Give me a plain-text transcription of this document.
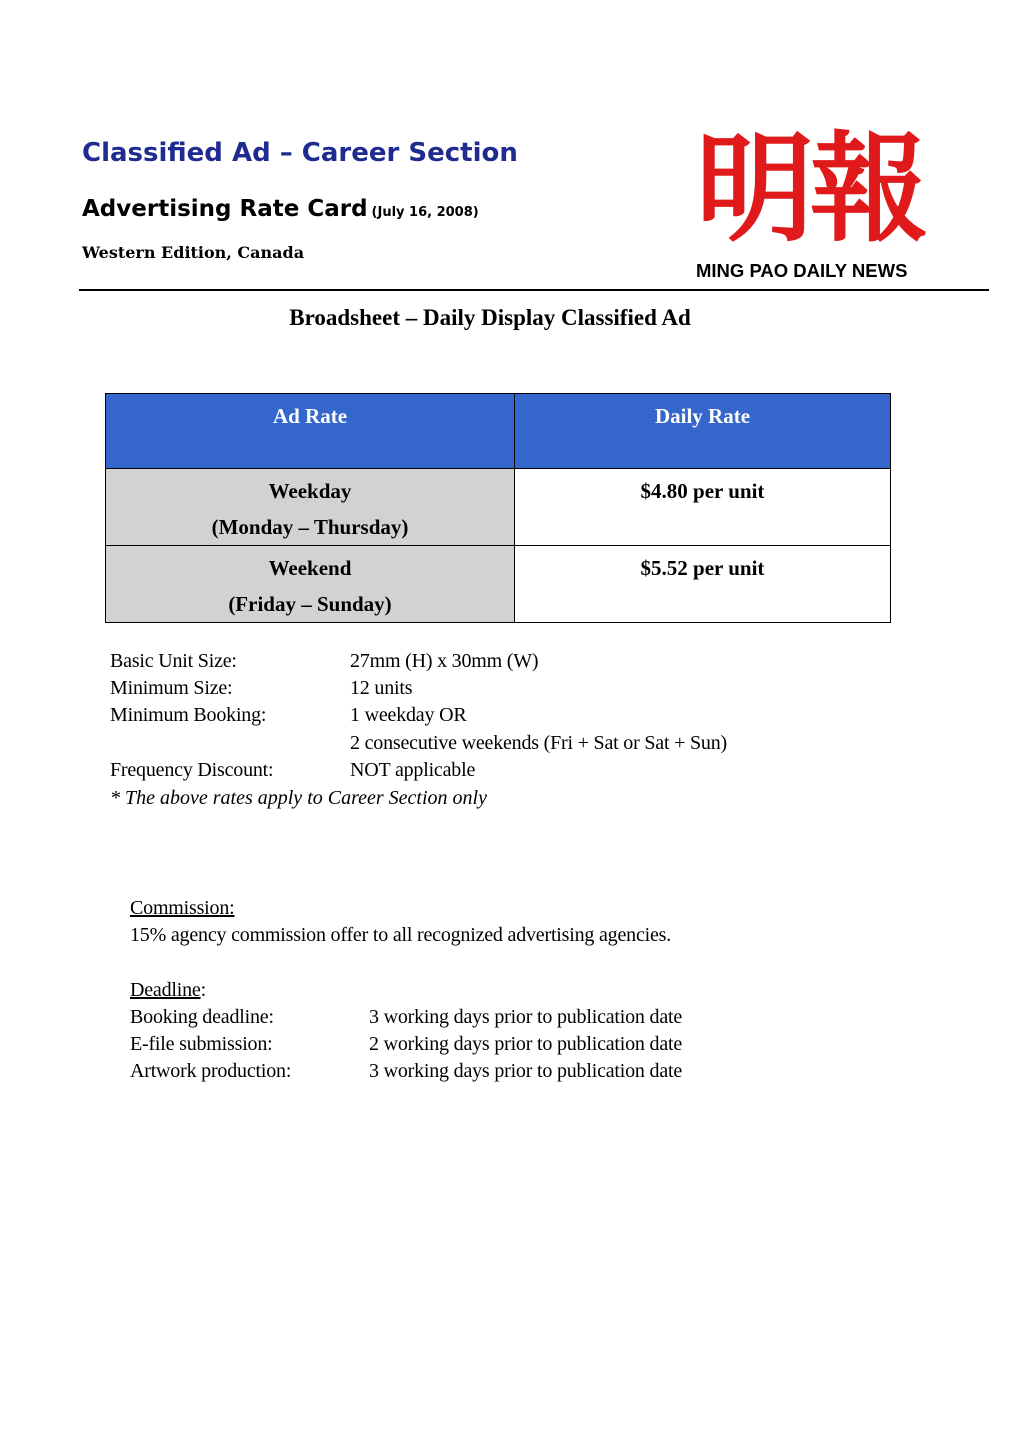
Classified Ad – Career Section
Advertising Rate Card (July 16, 2008)
Western Edition, Canada	明報
MING PAO DAILY NEWS
Broadsheet – Daily Display Classified Ad
Ad Rate	Daily Rate

Weekday
(Monday – Thursday)	$4.80 per unit

Weekend
(Friday – Sunday)	$5.52 per unit
Basic Unit Size:	27mm (H) x 30mm (W)
Minimum Size:	12 units
Minimum Booking:	1 weekday OR
2 consecutive weekends (Fri + Sat or Sat + Sun)
Frequency Discount:	NOT applicable
* The above rates apply to Career Section only
Commission:
15% agency commission offer to all recognized advertising agencies.
Deadline:
Booking deadline:	3 working days prior to publication date
E-file submission:	2 working days prior to publication date
Artwork production:	3 working days prior to publication date
